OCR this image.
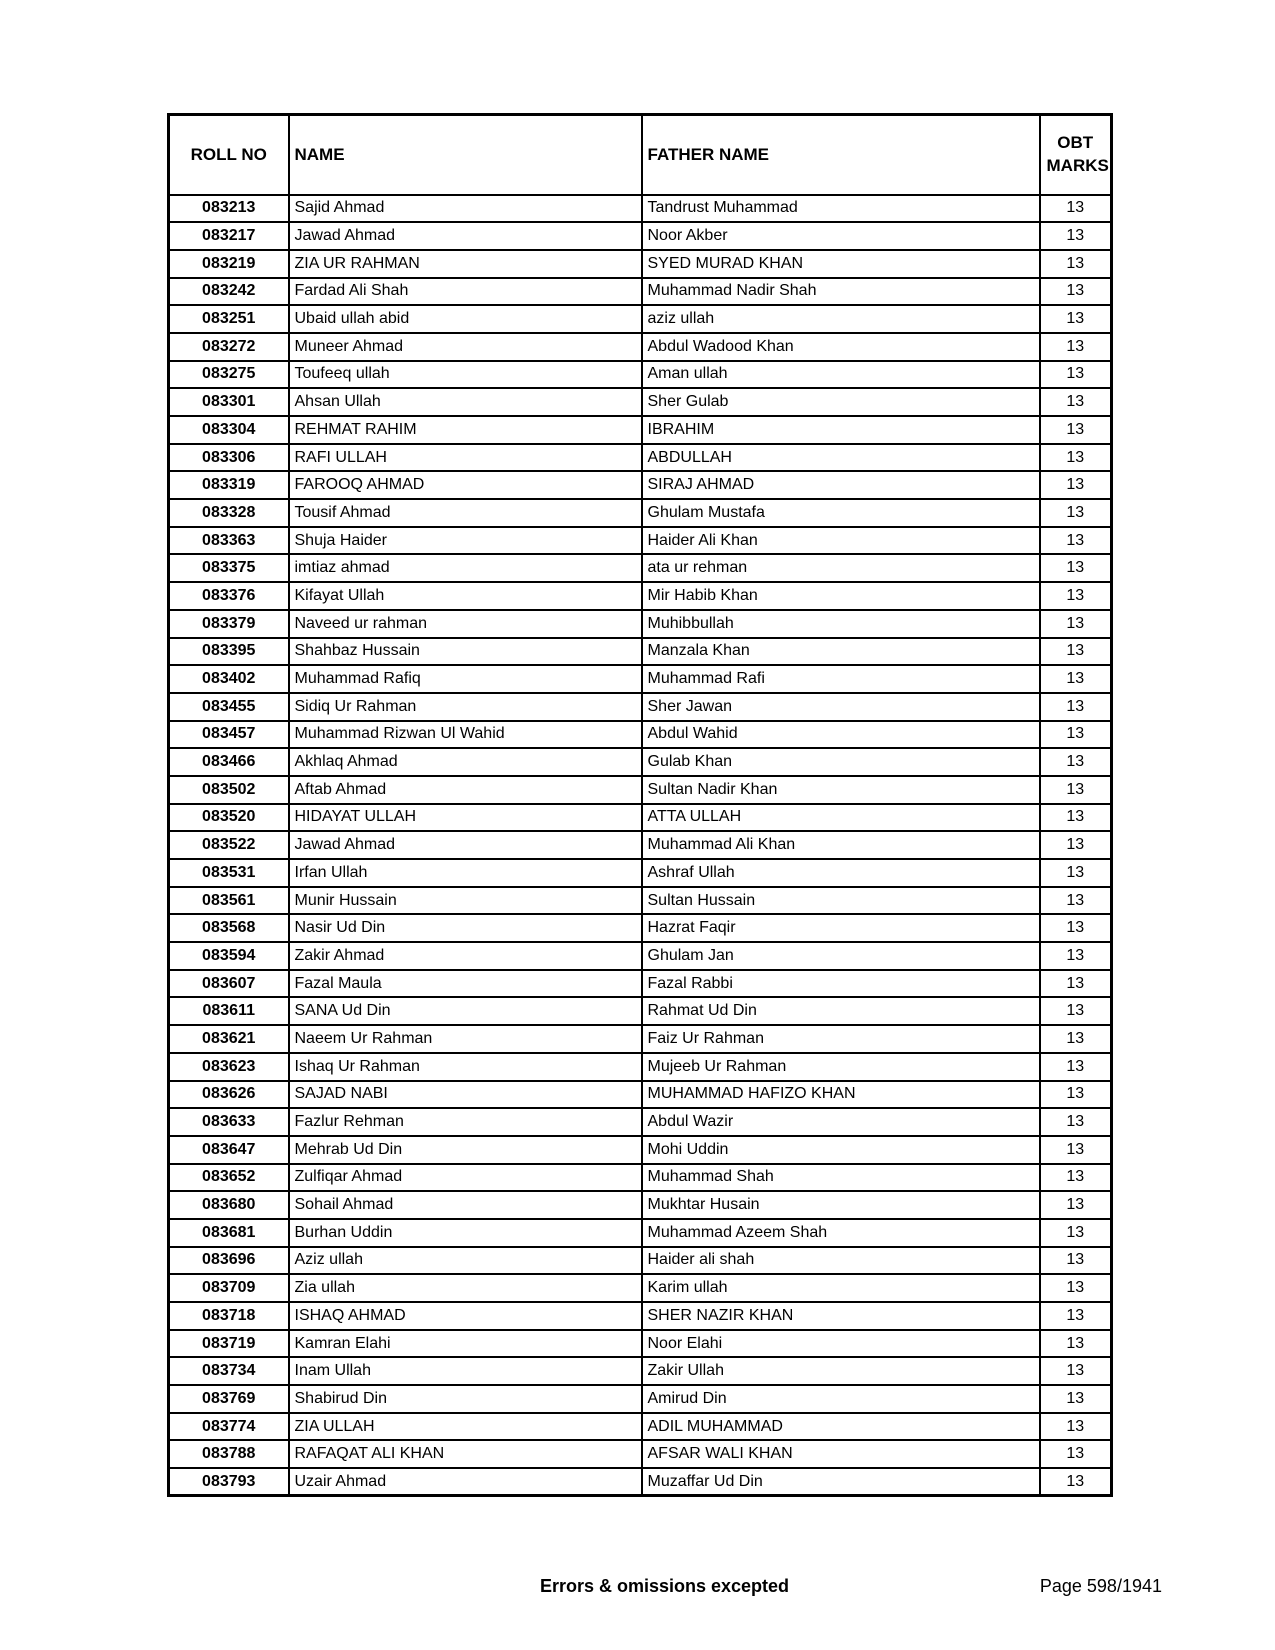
ROLL NO	NAME	FATHER NAME	OBT MARKS
083213	Sajid Ahmad	Tandrust Muhammad	13
083217	Jawad Ahmad	Noor Akber	13
083219	ZIA UR RAHMAN	SYED MURAD KHAN	13
083242	Fardad Ali Shah	Muhammad Nadir Shah	13
083251	Ubaid ullah abid	aziz ullah	13
083272	Muneer Ahmad	Abdul Wadood Khan	13
083275	Toufeeq ullah	Aman ullah	13
083301	Ahsan Ullah	Sher Gulab	13
083304	REHMAT RAHIM	IBRAHIM	13
083306	RAFI ULLAH	ABDULLAH	13
083319	FAROOQ AHMAD	SIRAJ AHMAD	13
083328	Tousif Ahmad	Ghulam Mustafa	13
083363	Shuja Haider	Haider Ali Khan	13
083375	imtiaz ahmad	ata ur rehman	13
083376	Kifayat Ullah	Mir Habib Khan	13
083379	Naveed ur rahman	Muhibbullah	13
083395	Shahbaz Hussain	Manzala Khan	13
083402	Muhammad Rafiq	Muhammad Rafi	13
083455	Sidiq Ur Rahman	Sher Jawan	13
083457	Muhammad Rizwan Ul Wahid	Abdul Wahid	13
083466	Akhlaq Ahmad	Gulab Khan	13
083502	Aftab Ahmad	Sultan Nadir Khan	13
083520	HIDAYAT ULLAH	ATTA ULLAH	13
083522	Jawad Ahmad	Muhammad Ali Khan	13
083531	Irfan Ullah	Ashraf Ullah	13
083561	Munir Hussain	Sultan Hussain	13
083568	Nasir Ud Din	Hazrat Faqir	13
083594	Zakir Ahmad	Ghulam Jan	13
083607	Fazal Maula	Fazal Rabbi	13
083611	SANA Ud Din	Rahmat Ud Din	13
083621	Naeem Ur Rahman	Faiz Ur Rahman	13
083623	Ishaq Ur Rahman	Mujeeb Ur Rahman	13
083626	SAJAD NABI	MUHAMMAD HAFIZO KHAN	13
083633	Fazlur Rehman	Abdul Wazir	13
083647	Mehrab Ud Din	Mohi Uddin	13
083652	Zulfiqar Ahmad	Muhammad Shah	13
083680	Sohail Ahmad	Mukhtar Husain	13
083681	Burhan Uddin	Muhammad Azeem Shah	13
083696	Aziz ullah	Haider ali shah	13
083709	Zia ullah	Karim ullah	13
083718	ISHAQ AHMAD	SHER NAZIR KHAN	13
083719	Kamran Elahi	Noor Elahi	13
083734	Inam Ullah	Zakir Ullah	13
083769	Shabirud Din	Amirud Din	13
083774	ZIA ULLAH	ADIL MUHAMMAD	13
083788	RAFAQAT ALI KHAN	AFSAR WALI KHAN	13
083793	Uzair Ahmad	Muzaffar Ud Din	13
Errors & omissions excepted	Page 598/1941
